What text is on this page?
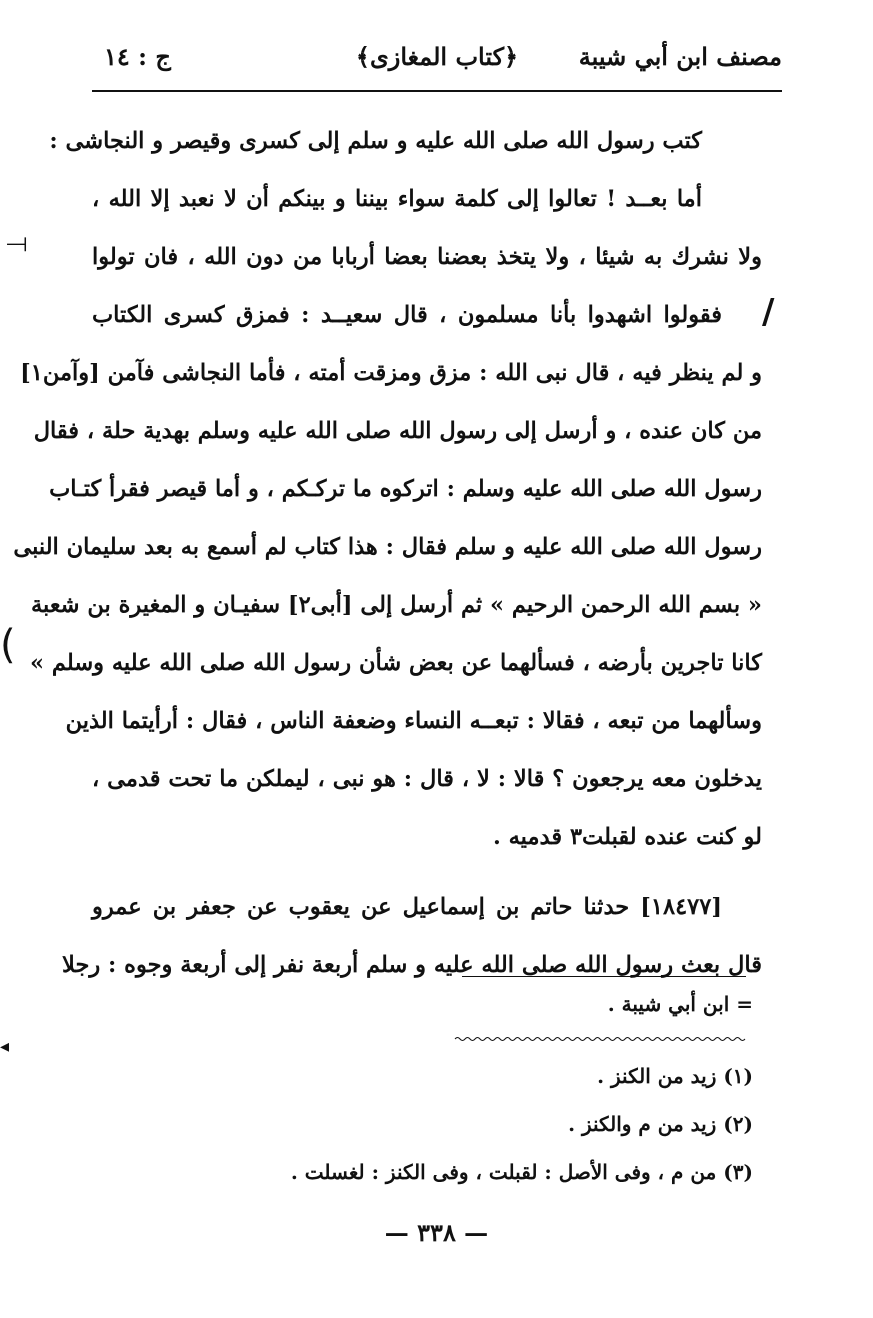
مصنف ابن أبي شيبة
﴿كتاب المغازى﴾
ج : ١٤
⟞
/
(
◂
كتب رسول الله صلى الله عليه و سلم إلى كسرى وقيصر و النجاشى :
أما بعــد ! تعالوا إلى كلمة سواء بيننا و بينكم أن لا نعبد إلا الله ،
ولا نشرك به شيئا ، ولا يتخذ بعضنا بعضا أربابا من دون الله ، فان تولوا
فقولوا اشهدوا بأنا مسلمون ، قال سعيــد : فمزق كسرى الكتاب
و لم ينظر فيه ، قال نبى الله : مزق ومزقت أمته ، فأما النجاشى فآمن [وآمن١]
من كان عنده ، و أرسل إلى رسول الله صلى الله عليه وسلم بهدية حلة ، فقال
رسول الله صلى الله عليه وسلم : اتركوه ما تركـكم ، و أما قيصر فقرأ كتـاب
رسول الله صلى الله عليه و سلم فقال : هذا كتاب لم أسمع به بعد سليمان النبى
« بسم الله الرحمن الرحيم » ثم أرسل إلى [أبى٢] سفيـان و المغيرة بن شعبة
كانا تاجرين بأرضه ، فسألهما عن بعض شأن رسول الله صلى الله عليه وسلم »
وسألهما من تبعه ، فقالا : تبعــه النساء وضعفة الناس ، فقال : أرأيتما الذين
يدخلون معه يرجعون ؟ قالا : لا ، قال : هو نبى ، ليملكن ما تحت قدمى ،
لو كنت عنده لقبلت٣ قدميه .
[١٨٤٧٧] حدثنا حاتم بن إسماعيل عن يعقوب عن جعفر بن عمرو
قال بعث رسول الله صلى الله عليه و سلم أربعة نفر إلى أربعة وجوه : رجلا
= ابن أبي شيبة .
(١) زيد من الكنز .
(٢) زيد من م والكنز .
(٣) من م ، وفى الأصل : لقبلت ، وفى الكنز : لغسلت .
— ٣٣٨ —
